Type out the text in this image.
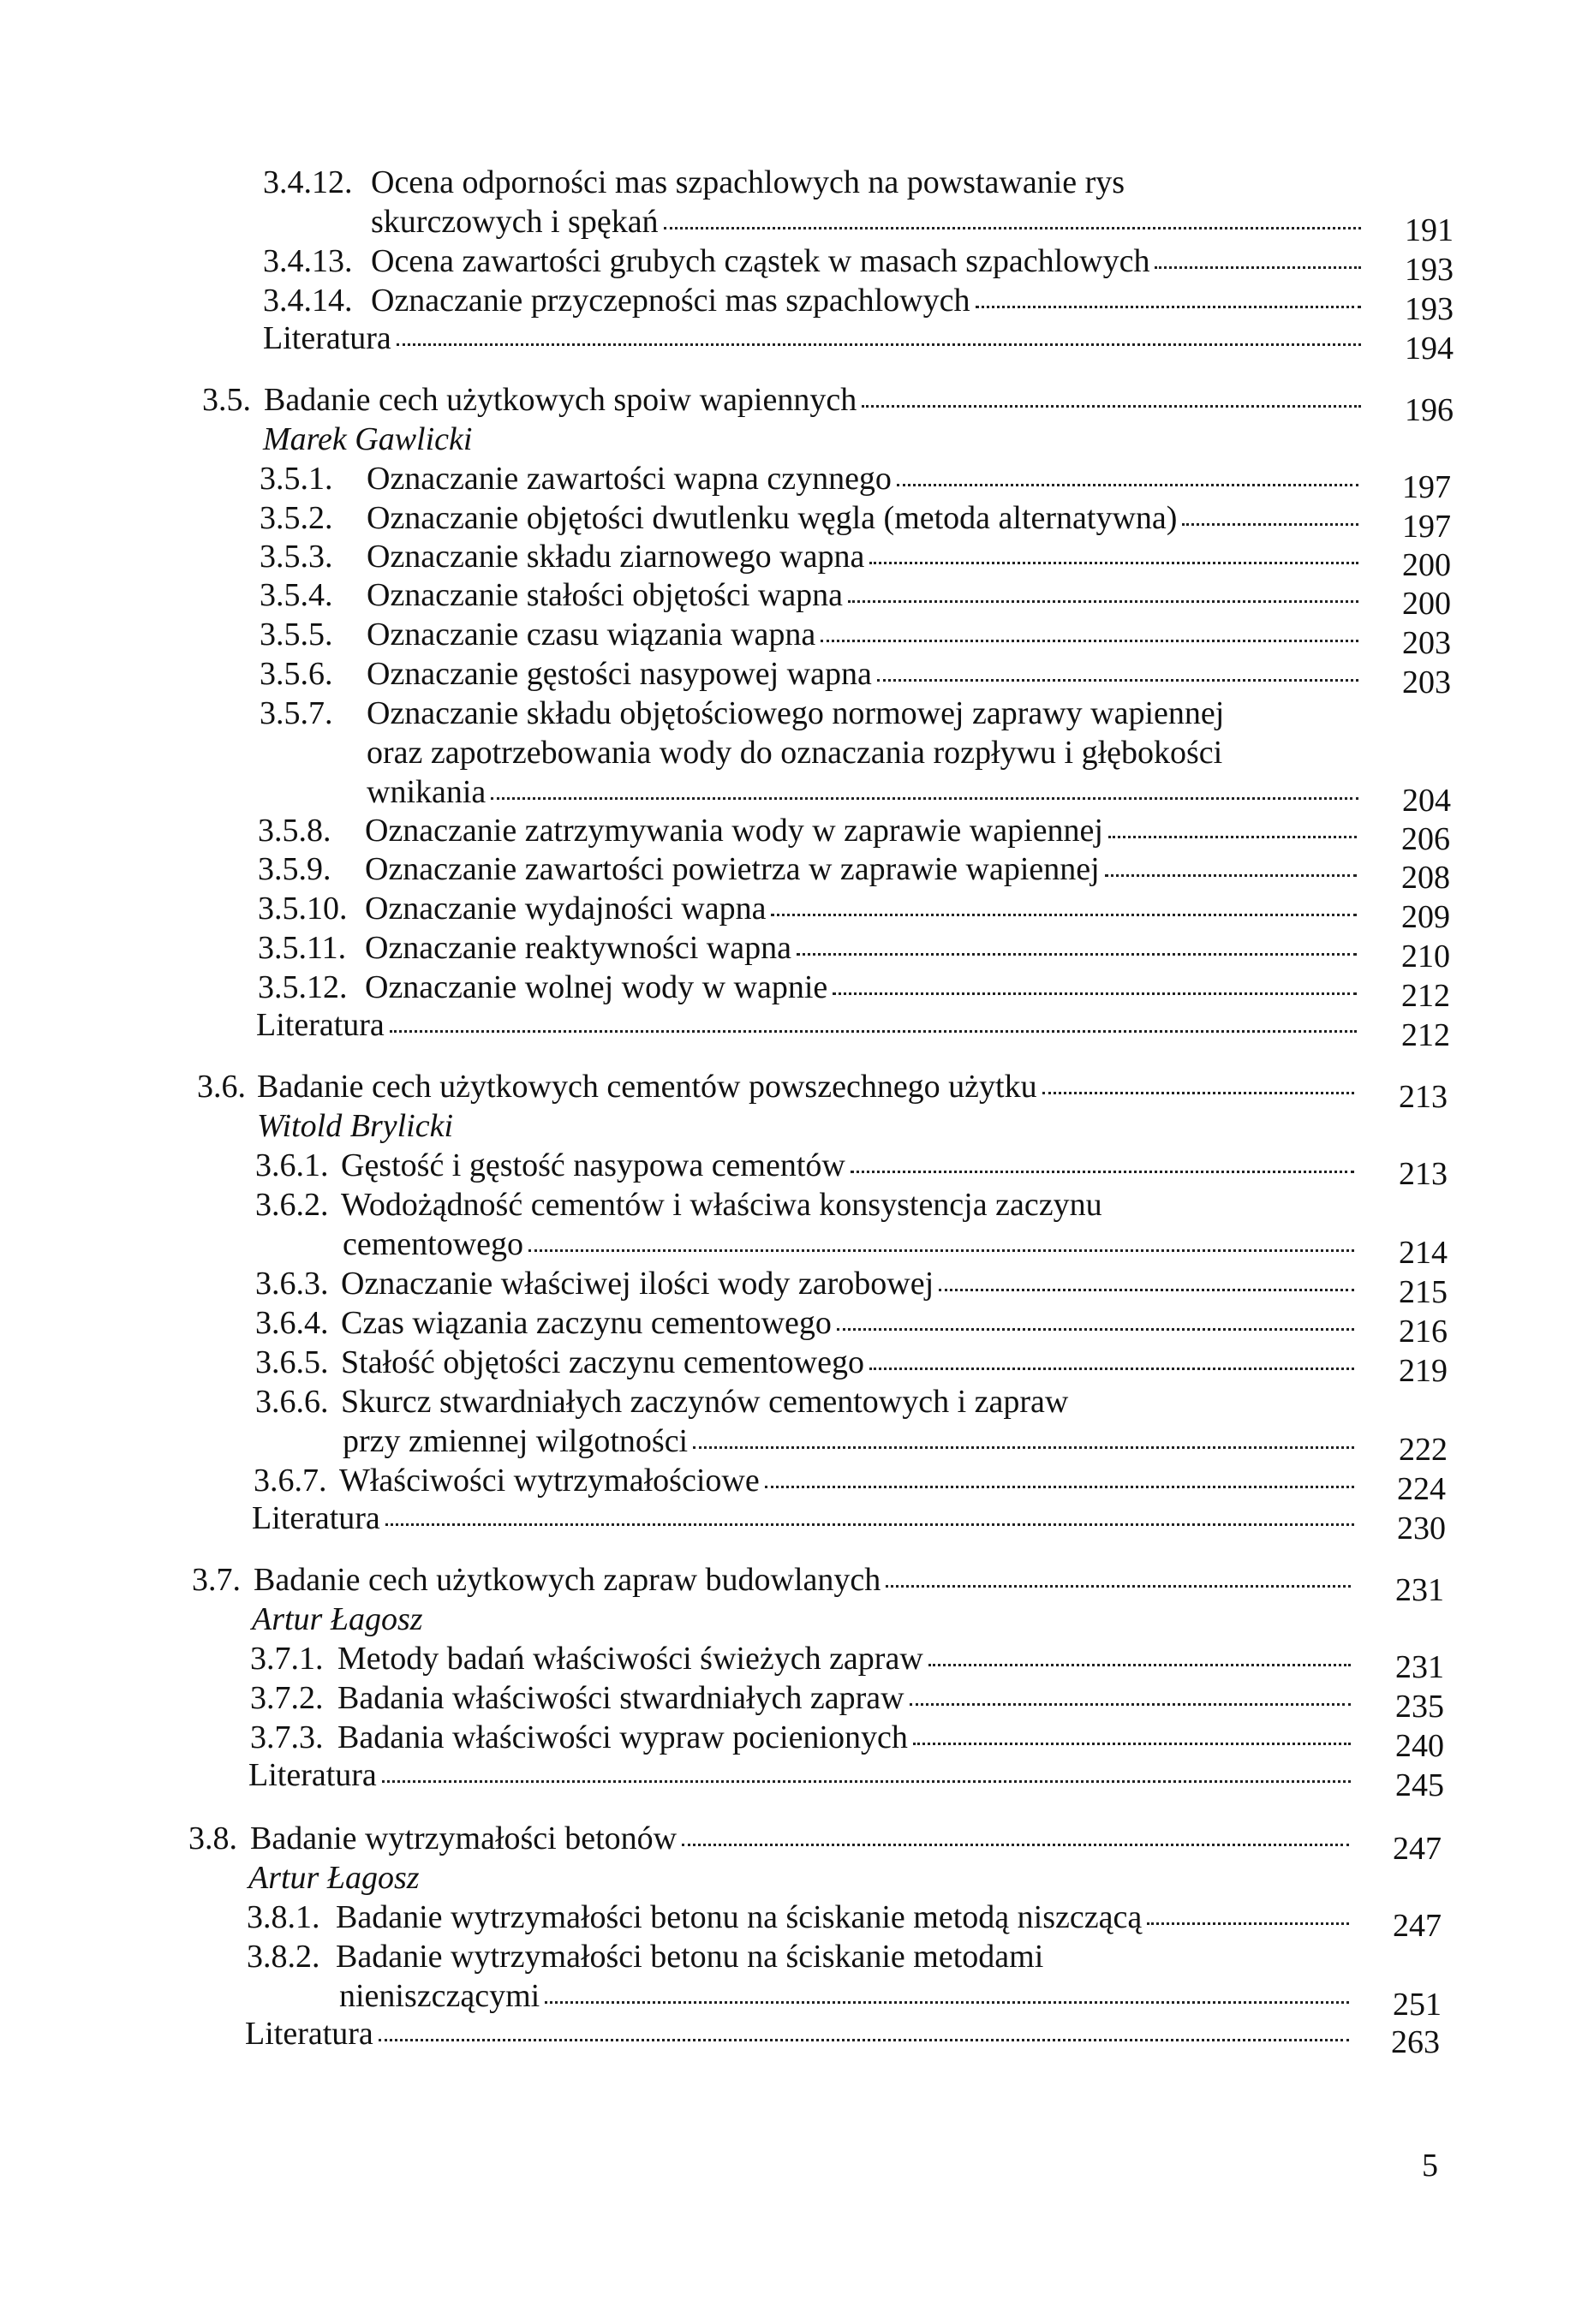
3.4.12. Ocena odporności mas szpachlowych na powstawanie rys
skurczowych i spękań	191
3.4.13. Ocena zawartości grubych cząstek w masach szpachlowych	193
3.4.14. Oznaczanie przyczepności mas szpachlowych	193
Literatura	194
3.5. Badanie cech użytkowych spoiw wapiennych	196
Marek Gawlicki
3.5.1. Oznaczanie zawartości wapna czynnego	197
3.5.2. Oznaczanie objętości dwutlenku węgla (metoda alternatywna)	197
3.5.3. Oznaczanie składu ziarnowego wapna	200
3.5.4. Oznaczanie stałości objętości wapna	200
3.5.5. Oznaczanie czasu wiązania wapna	203
3.5.6. Oznaczanie gęstości nasypowej wapna	203
3.5.7. Oznaczanie składu objętościowego normowej zaprawy wapiennej
oraz zapotrzebowania wody do oznaczania rozpływu i głębokości
wnikania	204
3.5.8. Oznaczanie zatrzymywania wody w zaprawie wapiennej	206
3.5.9. Oznaczanie zawartości powietrza w zaprawie wapiennej	208
3.5.10. Oznaczanie wydajności wapna	209
3.5.11. Oznaczanie reaktywności wapna	210
3.5.12. Oznaczanie wolnej wody w wapnie	212
Literatura	212
3.6. Badanie cech użytkowych cementów powszechnego użytku	213
Witold Brylicki
3.6.1. Gęstość i gęstość nasypowa cementów	213
3.6.2. Wodożądność cementów i właściwa konsystencja zaczynu
cementowego	214
3.6.3. Oznaczanie właściwej ilości wody zarobowej	215
3.6.4. Czas wiązania zaczynu cementowego	216
3.6.5. Stałość objętości zaczynu cementowego	219
3.6.6. Skurcz stwardniałych zaczynów cementowych i zapraw
przy zmiennej wilgotności	222
3.6.7. Właściwości wytrzymałościowe	224
Literatura	230
3.7. Badanie cech użytkowych zapraw budowlanych	231
Artur Łagosz
3.7.1. Metody badań właściwości świeżych zapraw	231
3.7.2. Badania właściwości stwardniałych zapraw	235
3.7.3. Badania właściwości wypraw pocienionych	240
Literatura	245
3.8. Badanie wytrzymałości betonów	247
Artur Łagosz
3.8.1. Badanie wytrzymałości betonu na ściskanie metodą niszczącą	247
3.8.2. Badanie wytrzymałości betonu na ściskanie metodami
nieniszczącymi	251
Literatura	263
5
